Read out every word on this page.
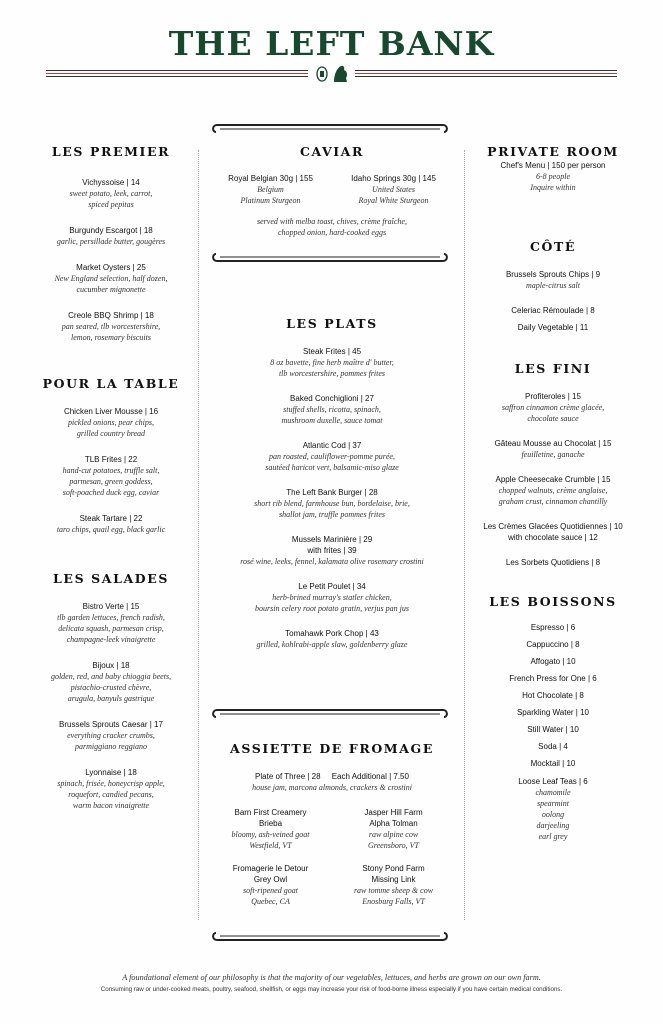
THE LEFT BANK
LES PREMIER
Vichyssoise | 14
sweet potato, leek, carrot,
spiced pepitas
Burgundy Escargot | 18
garlic, persillade butter, gougères
Market Oysters | 25
New England selection, half dozen,
cucumber mignonette
Creole BBQ Shrimp | 18
pan seared, tlb worcestershire,
lemon, rosemary biscuits
POUR LA TABLE
Chicken Liver Mousse | 16
pickled onions, pear chips,
grilled country bread
TLB Frites | 22
hand-cut potatoes, truffle salt,
parmesan, green goddess,
soft-poached duck egg, caviar
Steak Tartare | 22
taro chips, quail egg, black garlic
LES SALADES
Bistro Verte | 15
tlb garden lettuces, french radish,
delicata squash, parmesan crisp,
champagne-leek vinaigrette
Bijoux | 18
golden, red, and baby chioggia beets,
pistachio-crusted chèvre,
arugula, banyuls gastrique
Brussels Sprouts Caesar | 17
everything cracker crumbs,
parmiggiano reggiano
Lyonnaise | 18
spinach, frisée, honeycrisp apple,
roquefort, candied pecans,
warm bacon vinaigrette
CAVIAR
Royal Belgian 30g | 155
Belgium
Platinum Sturgeon
Idaho Springs 30g | 145
United States
Royal White Sturgeon
served with melba toast, chives, crème fraîche,
chopped onion, hard-cooked eggs
LES PLATS
Steak Frites | 45
8 oz bavette, fine herb maître d' butter,
tlb worcestershire, pommes frites
Baked Conchiglioni | 27
stuffed shells, ricotta, spinach,
mushroom duxelle, sauce tomat
Atlantic Cod | 37
pan roasted, cauliflower-pomme purée,
sautéed haricot vert, balsamic-miso glaze
The Left Bank Burger | 28
short rib blend, farmhouse bun, bordelaise, brie,
shallot jam, truffle pommes frites
Mussels Marinière | 29
with frites | 39
rosé wine, leeks, fennel, kalamata olive rosemary crostini
Le Petit Poulet | 34
herb-brined murray's statler chicken,
boursin celery root potato gratin, verjus pan jus
Tomahawk Pork Chop | 43
grilled, kohlrabi-apple slaw, goldenberry glaze
ASSIETTE DE FROMAGE
Plate of Three | 28     Each Additional | 7.50
house jam, marcona almonds, crackers & crostini
Barn First Creamery
Brieba
bloomy, ash-veined goat
Westfield, VT
Jasper Hill Farm
Alpha Tolman
raw alpine cow
Greensboro, VT
Fromagerie le Detour
Grey Owl
soft-ripened goat
Quebec, CA
Stony Pond Farm
Missing Link
raw tomme sheep & cow
Enosburg Falls, VT
PRIVATE ROOM
Chef's Menu | 150 per person
6-8 people
Inquire within
CÔTÉ
Brussels Sprouts Chips | 9
maple-citrus salt
Celeriac Rémoulade | 8
Daily Vegetable | 11
LES FINI
Profiteroles | 15
saffron cinnamon crème glacée,
chocolate sauce
Gâteau Mousse au Chocolat | 15
feuilletine, ganache
Apple Cheesecake Crumble | 15
chopped walnuts, crème anglaise,
graham crust, cinnamon chantilly
Les Crèmes Glacées Quotidiennes | 10
with chocolate sauce | 12
Les Sorbets Quotidiens | 8
LES BOISSONS
Espresso | 6
Cappuccino | 8
Affogato | 10
French Press for One | 6
Hot Chocolate | 8
Sparkling Water | 10
Still Water | 10
Soda | 4
Mocktail | 10
Loose Leaf Teas | 6
chamomile
spearmint
oolong
darjeeling
earl grey
A foundational element of our philosophy is that the majority of our vegetables, lettuces, and herbs are grown on our own farm.
Consuming raw or under-cooked meats, poultry, seafood, shellfish, or eggs may increase your risk of food-borne illness especially if you have certain medical conditions.
